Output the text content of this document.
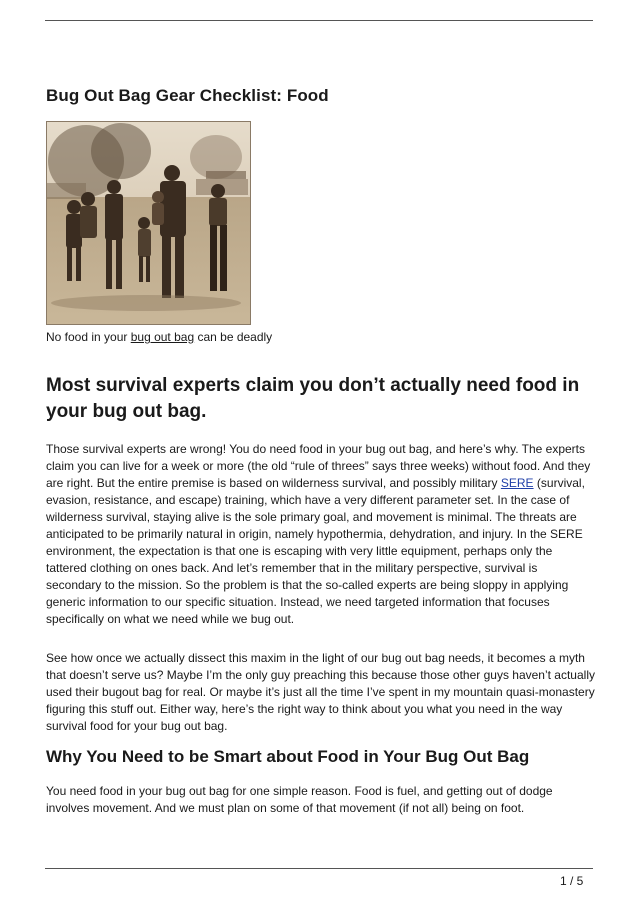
Bug Out Bag Gear Checklist: Food
No food in your bug out bag can be deadly
Most survival experts claim you don’t actually need food in your bug out bag.

Those survival experts are wrong! You do need food in your bug out bag, and here’s why. The experts claim you can live for a week or more (the old “rule of threes” says three weeks) without food. And they are right. But the entire premise is based on wilderness survival, and possibly military SERE (survival, evasion, resistance, and escape) training, which have a very different parameter set. In the case of wilderness survival, staying alive is the sole primary goal, and movement is minimal. The threats are anticipated to be primarily natural in origin, namely hypothermia, dehydration, and injury. In the SERE environment, the expectation is that one is escaping with very little equipment, perhaps only the tattered clothing on ones back. And let’s remember that in the military perspective, survival is secondary to the mission. So the problem is that the so-called experts are being sloppy in applying generic information to our specific situation. Instead, we need targeted information that focuses specifically on what we need while we bug out.

See how once we actually dissect this maxim in the light of our bug out bag needs, it becomes a myth that doesn’t serve us? Maybe I’m the only guy preaching this because those other guys haven’t actually used their bugout bag for real. Or maybe it’s just all the time I’ve spent in my mountain quasi-monastery figuring this stuff out. Either way, here’s the right way to think about you what you need in the way survival food for your bug out bag.

Why You Need to be Smart about Food in Your Bug Out Bag

You need food in your bug out bag for one simple reason. Food is fuel, and getting out of dodge involves movement. And we must plan on some of that movement (if not all) being on foot.

1 / 5
